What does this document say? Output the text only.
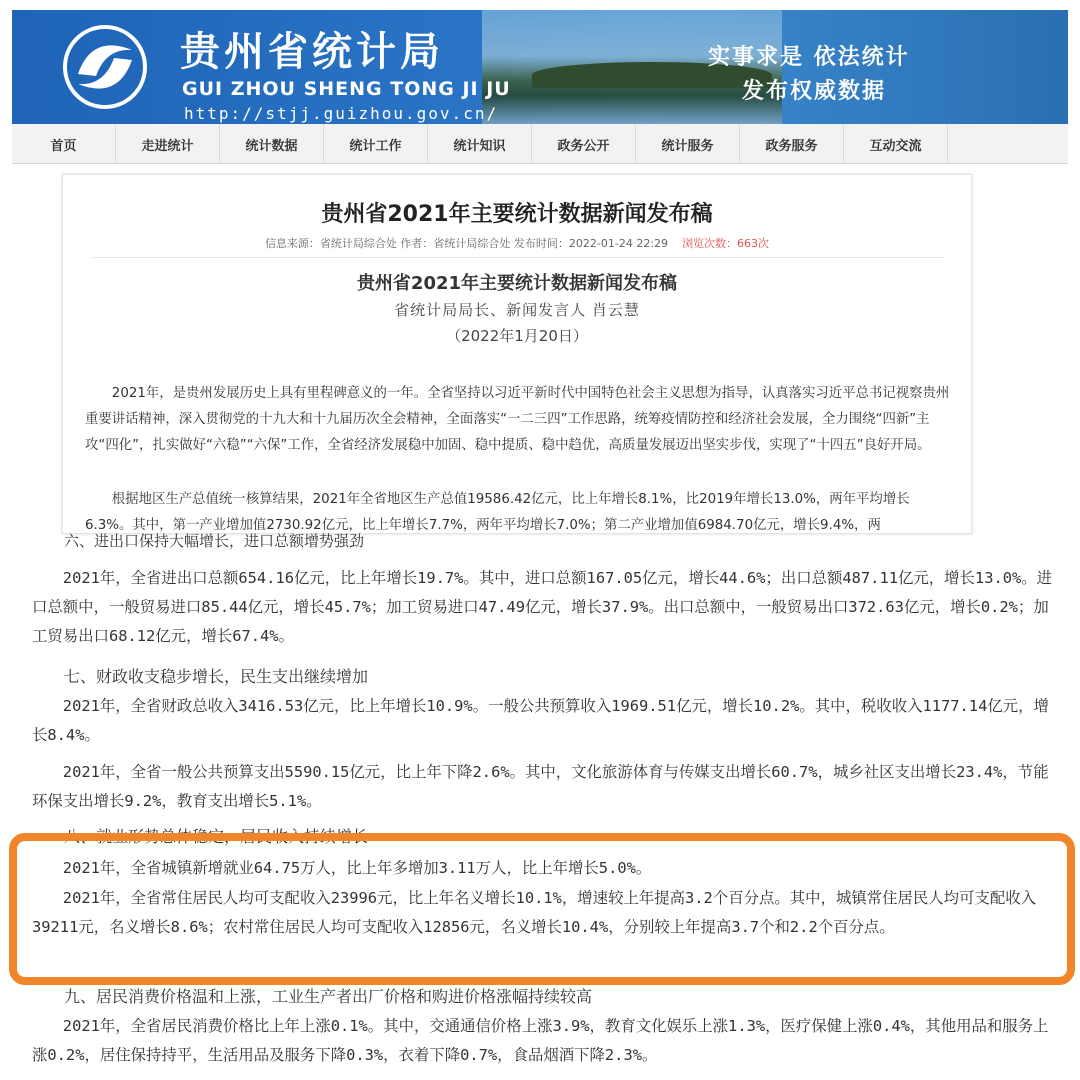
贵州省统计局
GUI ZHOU SHENG TONG JI JU
http://stjj.guizhou.gov.cn/
实事求是 依法统计
发布权威数据
首页	走进统计	统计数据	统计工作	统计知识	政务公开	统计服务	政务服务	互动交流
贵州省2021年主要统计数据新闻发布稿
信息来源：省统计局综合处 作者：省统计局综合处 发布时间：2022-01-24 22:29 浏览次数：663次
贵州省2021年主要统计数据新闻发布稿
省统计局局长、新闻发言人 肖云慧
（2022年1月20日）

2021年，是贵州发展历史上具有里程碑意义的一年。全省坚持以习近平新时代中国特色社会主义思想为指导，认真落实习近平总书记视察贵州重要讲话精神，深入贯彻党的十九大和十九届历次全会精神，全面落实“一二三四”工作思路，统筹疫情防控和经济社会发展，全力围绕“四新”主攻“四化”，扎实做好“六稳”“六保”工作，全省经济发展稳中加固、稳中提质、稳中趋优，高质量发展迈出坚实步伐，实现了“十四五”良好开局。

根据地区生产总值统一核算结果，2021年全省地区生产总值19586.42亿元，比上年增长8.1%，比2019年增长13.0%，两年平均增长6.3%。其中，第一产业增加值2730.92亿元，比上年增长7.7%，两年平均增长7.0%；第二产业增加值6984.70亿元，增长9.4%，两
六、进出口保持大幅增长，进口总额增势强劲
2021年，全省进出口总额654.16亿元，比上年增长19.7%。其中，进口总额167.05亿元，增长44.6%；出口总额487.11亿元，增长13.0%。进口总额中，一般贸易进口85.44亿元，增长45.7%；加工贸易进口47.49亿元，增长37.9%。出口总额中，一般贸易出口372.63亿元，增长0.2%；加工贸易出口68.12亿元，增长67.4%。
七、财政收支稳步增长，民生支出继续增加
2021年，全省财政总收入3416.53亿元，比上年增长10.9%。一般公共预算收入1969.51亿元，增长10.2%。其中，税收收入1177.14亿元，增长8.4%。
2021年，全省一般公共预算支出5590.15亿元，比上年下降2.6%。其中，文化旅游体育与传媒支出增长60.7%，城乡社区支出增长23.4%，节能环保支出增长9.2%，教育支出增长5.1%。
八、就业形势总体稳定，居民收入持续增长
2021年，全省城镇新增就业64.75万人，比上年多增加3.11万人，比上年增长5.0%。
2021年，全省常住居民人均可支配收入23996元，比上年名义增长10.1%，增速较上年提高3.2个百分点。其中，城镇常住居民人均可支配收入39211元，名义增长8.6%；农村常住居民人均可支配收入12856元，名义增长10.4%，分别较上年提高3.7个和2.2个百分点。
九、居民消费价格温和上涨，工业生产者出厂价格和购进价格涨幅持续较高
2021年，全省居民消费价格比上年上涨0.1%。其中，交通通信价格上涨3.9%，教育文化娱乐上涨1.3%，医疗保健上涨0.4%，其他用品和服务上涨0.2%，居住保持持平，生活用品及服务下降0.3%，衣着下降0.7%，食品烟酒下降2.3%。
